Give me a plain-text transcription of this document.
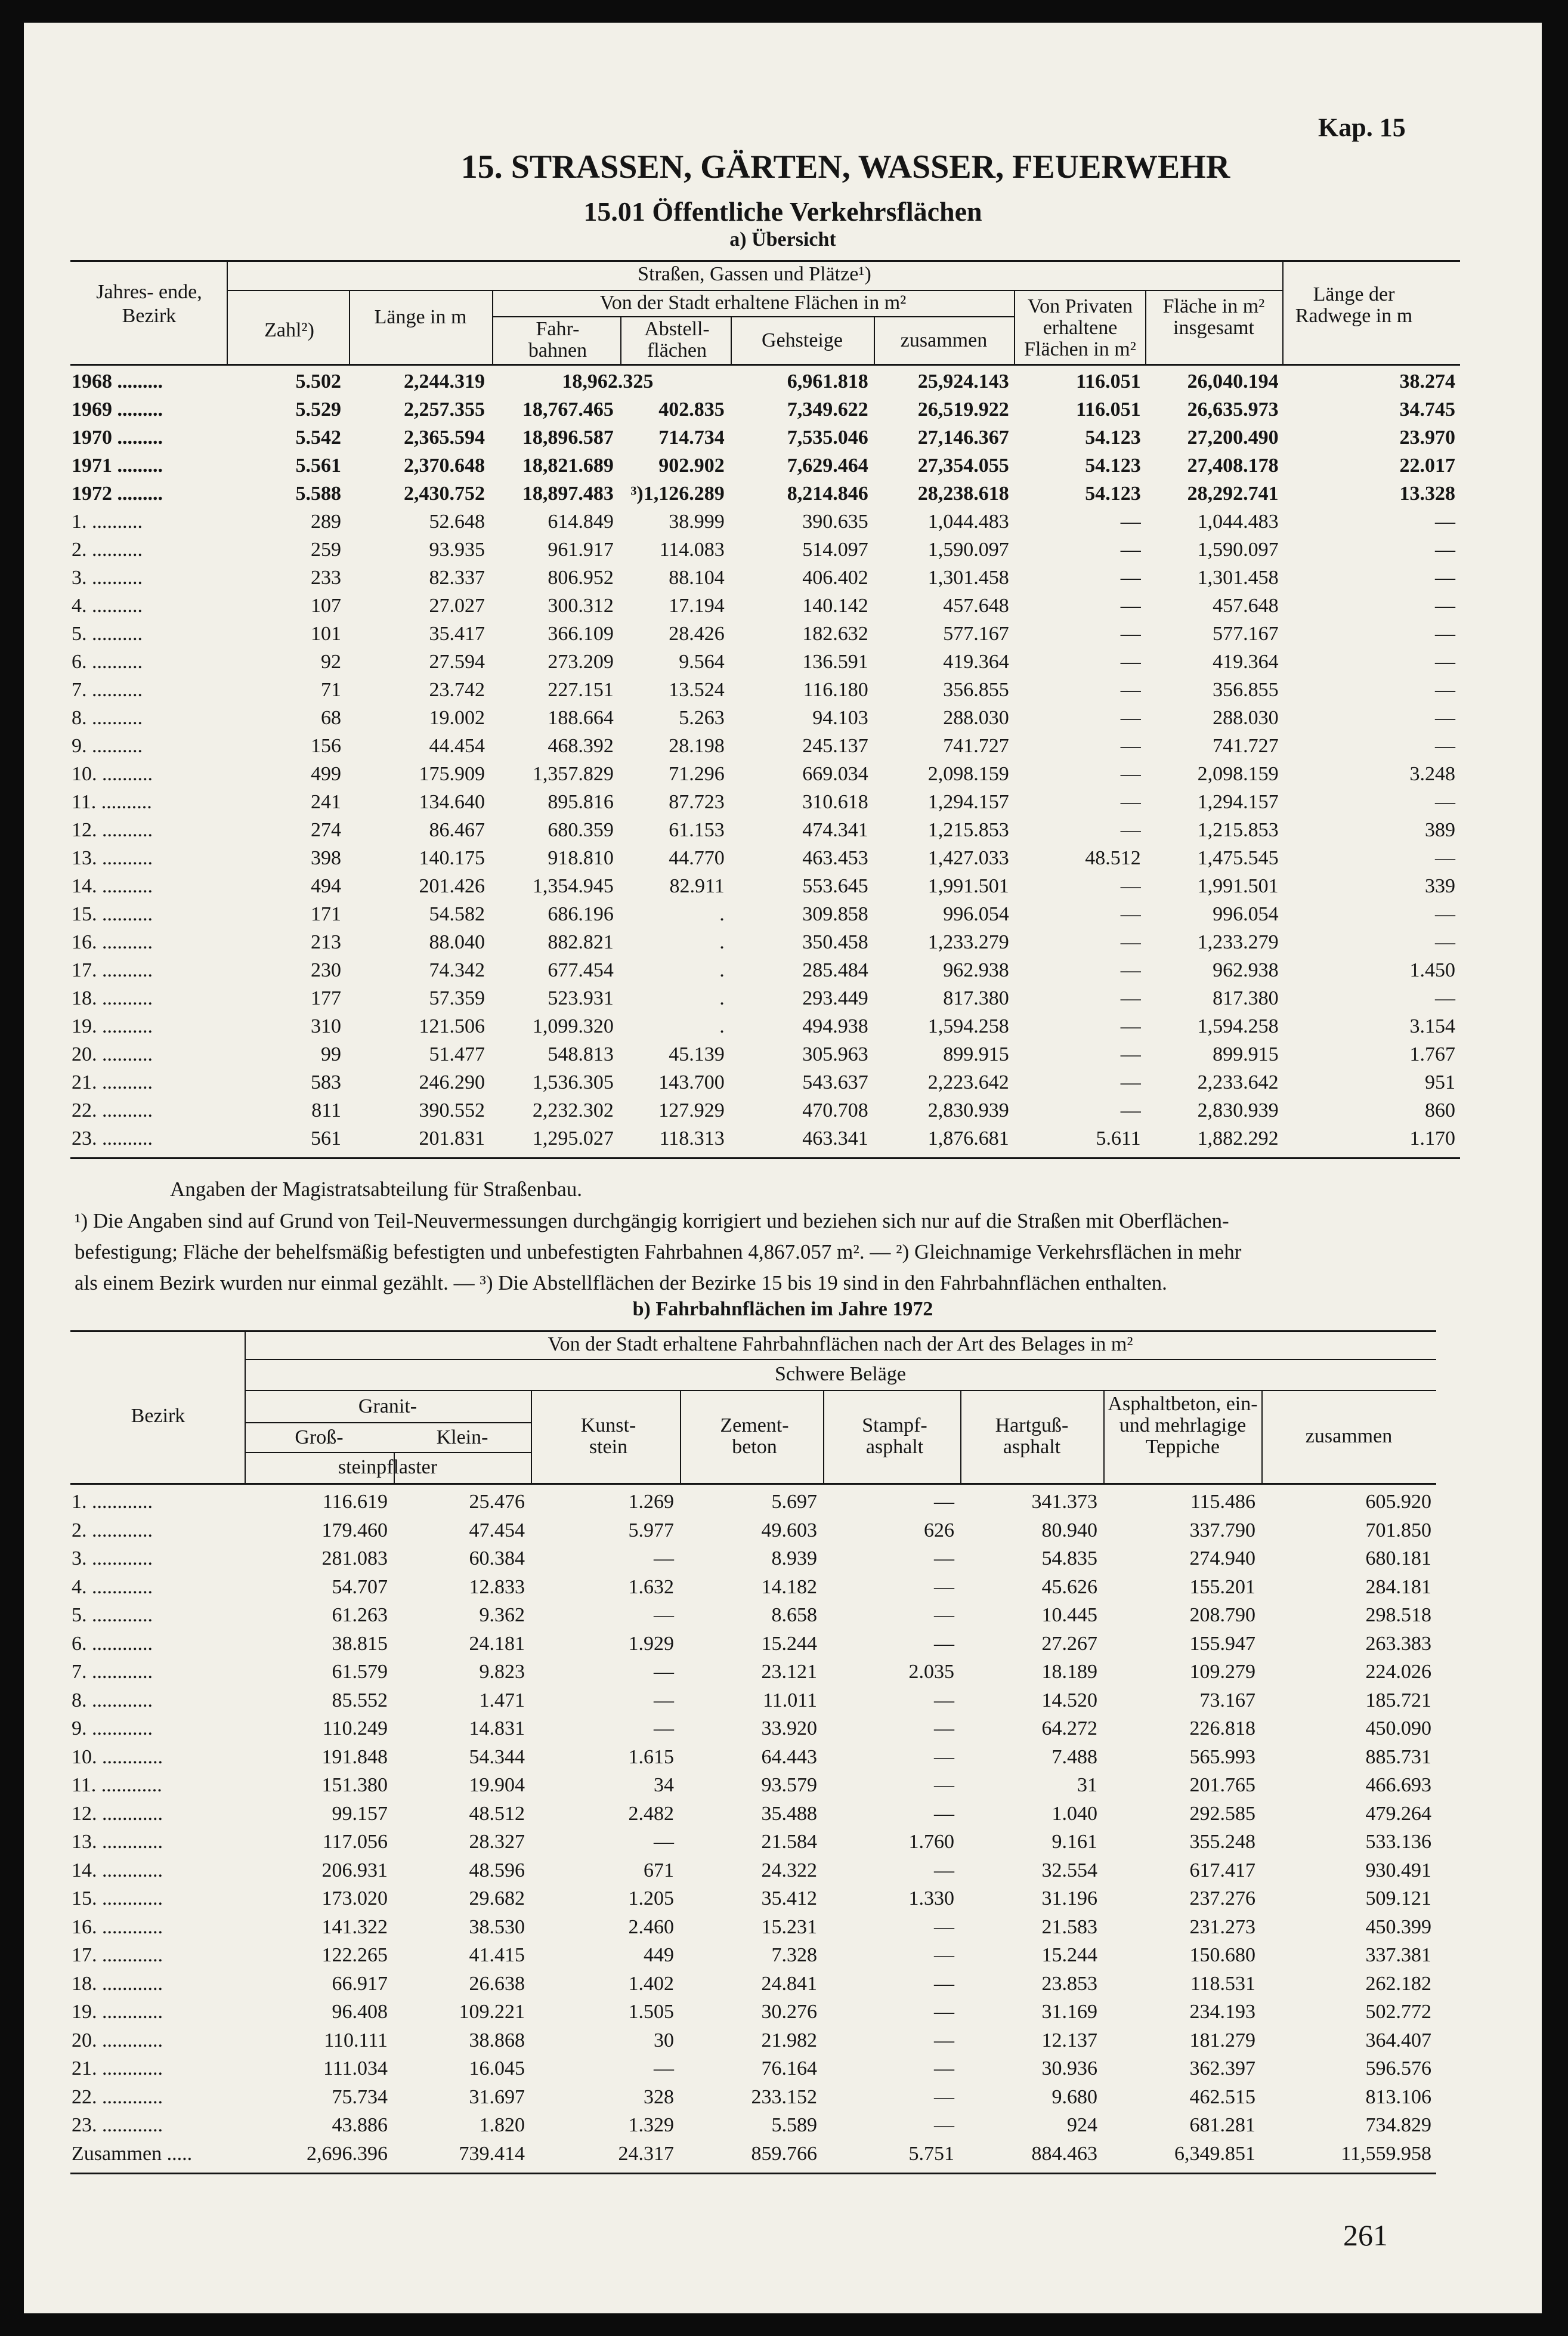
Kap. 15
15. STRASSEN, GÄRTEN, WASSER, FEUERWEHR
15.01 Öffentliche Verkehrsflächen
a) Übersicht
Jahres- ende, Bezirk
Straßen, Gassen und Plätze¹)
Zahl²)
Länge in m
Von der Stadt erhaltene Flächen in m²
Fahr- bahnen
Abstell- flächen	Gehsteige	zusammen
Von Privaten erhaltene Flächen in m²
Fläche in m² insgesamt
Länge der Radwege in m
1968 .........	5.502	2,244.319	18,962.325		6,961.818	25,924.143	116.051	26,040.194	38.274
1969 .........	5.529	2,257.355	18,767.465	402.835	7,349.622	26,519.922	116.051	26,635.973	34.745
1970 .........	5.542	2,365.594	18,896.587	714.734	7,535.046	27,146.367	54.123	27,200.490	23.970
1971 .........	5.561	2,370.648	18,821.689	902.902	7,629.464	27,354.055	54.123	27,408.178	22.017
1972 .........	5.588	2,430.752	18,897.483	³)1,126.289	8,214.846	28,238.618	54.123	28,292.741	13.328
1. ..........	289	52.648	614.849	38.999	390.635	1,044.483	—	1,044.483	—
2. ..........	259	93.935	961.917	114.083	514.097	1,590.097	—	1,590.097	—
3. ..........	233	82.337	806.952	88.104	406.402	1,301.458	—	1,301.458	—
4. ..........	107	27.027	300.312	17.194	140.142	457.648	—	457.648	—
5. ..........	101	35.417	366.109	28.426	182.632	577.167	—	577.167	—
6. ..........	92	27.594	273.209	9.564	136.591	419.364	—	419.364	—
7. ..........	71	23.742	227.151	13.524	116.180	356.855	—	356.855	—
8. ..........	68	19.002	188.664	5.263	94.103	288.030	—	288.030	—
9. ..........	156	44.454	468.392	28.198	245.137	741.727	—	741.727	—
10. ..........	499	175.909	1,357.829	71.296	669.034	2,098.159	—	2,098.159	3.248
11. ..........	241	134.640	895.816	87.723	310.618	1,294.157	—	1,294.157	—
12. ..........	274	86.467	680.359	61.153	474.341	1,215.853	—	1,215.853	389
13. ..........	398	140.175	918.810	44.770	463.453	1,427.033	48.512	1,475.545	—
14. ..........	494	201.426	1,354.945	82.911	553.645	1,991.501	—	1,991.501	339
15. ..........	171	54.582	686.196	.	309.858	996.054	—	996.054	—
16. ..........	213	88.040	882.821	.	350.458	1,233.279	—	1,233.279	—
17. ..........	230	74.342	677.454	.	285.484	962.938	—	962.938	1.450
18. ..........	177	57.359	523.931	.	293.449	817.380	—	817.380	—
19. ..........	310	121.506	1,099.320	.	494.938	1,594.258	—	1,594.258	3.154
20. ..........	99	51.477	548.813	45.139	305.963	899.915	—	899.915	1.767
21. ..........	583	246.290	1,536.305	143.700	543.637	2,223.642	—	2,233.642	951
22. ..........	811	390.552	2,232.302	127.929	470.708	2,830.939	—	2,830.939	860
23. ..........	561	201.831	1,295.027	118.313	463.341	1,876.681	5.611	1,882.292	1.170
Angaben der Magistratsabteilung für Straßenbau.
¹) Die Angaben sind auf Grund von Teil-Neuvermessungen durchgängig korrigiert und beziehen sich nur auf die Straßen mit Oberflächen-
befestigung; Fläche der behelfsmäßig befestigten und unbefestigten Fahrbahnen 4,867.057 m². — ²) Gleichnamige Verkehrsflächen in mehr
als einem Bezirk wurden nur einmal gezählt. — ³) Die Abstellflächen der Bezirke 15 bis 19 sind in den Fahrbahnflächen enthalten.
b) Fahrbahnflächen im Jahre 1972
Bezirk
Von der Stadt erhaltene Fahrbahnflächen nach der Art des Belages in m²
Schwere Beläge
Granit-
Groß-	Klein-
steinpflaster
Kunst- stein
Zement- beton
Stampf- asphalt
Hartguß- asphalt
Asphaltbeton, ein- und mehrlagige Teppiche	zusammen
1. ............	116.619	25.476	1.269	5.697	—	341.373	115.486	605.920
2. ............	179.460	47.454	5.977	49.603	626	80.940	337.790	701.850
3. ............	281.083	60.384	—	8.939	—	54.835	274.940	680.181
4. ............	54.707	12.833	1.632	14.182	—	45.626	155.201	284.181
5. ............	61.263	9.362	—	8.658	—	10.445	208.790	298.518
6. ............	38.815	24.181	1.929	15.244	—	27.267	155.947	263.383
7. ............	61.579	9.823	—	23.121	2.035	18.189	109.279	224.026
8. ............	85.552	1.471	—	11.011	—	14.520	73.167	185.721
9. ............	110.249	14.831	—	33.920	—	64.272	226.818	450.090
10. ............	191.848	54.344	1.615	64.443	—	7.488	565.993	885.731
11. ............	151.380	19.904	34	93.579	—	31	201.765	466.693
12. ............	99.157	48.512	2.482	35.488	—	1.040	292.585	479.264
13. ............	117.056	28.327	—	21.584	1.760	9.161	355.248	533.136
14. ............	206.931	48.596	671	24.322	—	32.554	617.417	930.491
15. ............	173.020	29.682	1.205	35.412	1.330	31.196	237.276	509.121
16. ............	141.322	38.530	2.460	15.231	—	21.583	231.273	450.399
17. ............	122.265	41.415	449	7.328	—	15.244	150.680	337.381
18. ............	66.917	26.638	1.402	24.841	—	23.853	118.531	262.182
19. ............	96.408	109.221	1.505	30.276	—	31.169	234.193	502.772
20. ............	110.111	38.868	30	21.982	—	12.137	181.279	364.407
21. ............	111.034	16.045	—	76.164	—	30.936	362.397	596.576
22. ............	75.734	31.697	328	233.152	—	9.680	462.515	813.106
23. ............	43.886	1.820	1.329	5.589	—	924	681.281	734.829
Zusammen .....	2,696.396	739.414	24.317	859.766	5.751	884.463	6,349.851	11,559.958
261
